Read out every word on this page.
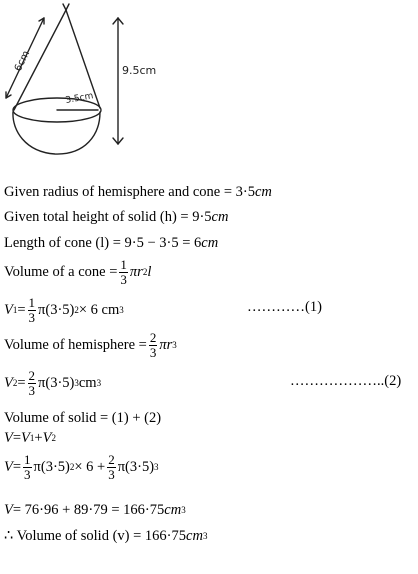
6cm
3.5cm
9.5cm
Given radius of hemisphere and cone
= 3·5 cm
Given total height of solid
(h) = 9·5 cm
Length of cone
(l) = 9·5 − 3·5 = 6 cm
Volume of a cone
= $\frac{1}{3}$ πr 2 l
V $1 = \frac{1}{3} \pi(3\cdot 5) 2 \times 6$ cm 3	…………(1)
Volume of hemisphere
= $\frac{2}{3}$ πr 3
V $2 = \frac{2}{3} \pi(3\cdot 5)$ 3 cm 3	………………..(2)
Volume of solid = (1) + (2)
V = V 1 + V 2
$V = \frac{1}{3} \pi(3\cdot 5) 2 \times 6 + \frac{2}{3} \pi(3\cdot 5)$ 3
V = 76·96 + 89·79 = 166·75 cm 3
∴ Volume of solid
(v) = 166·75 cm 3
